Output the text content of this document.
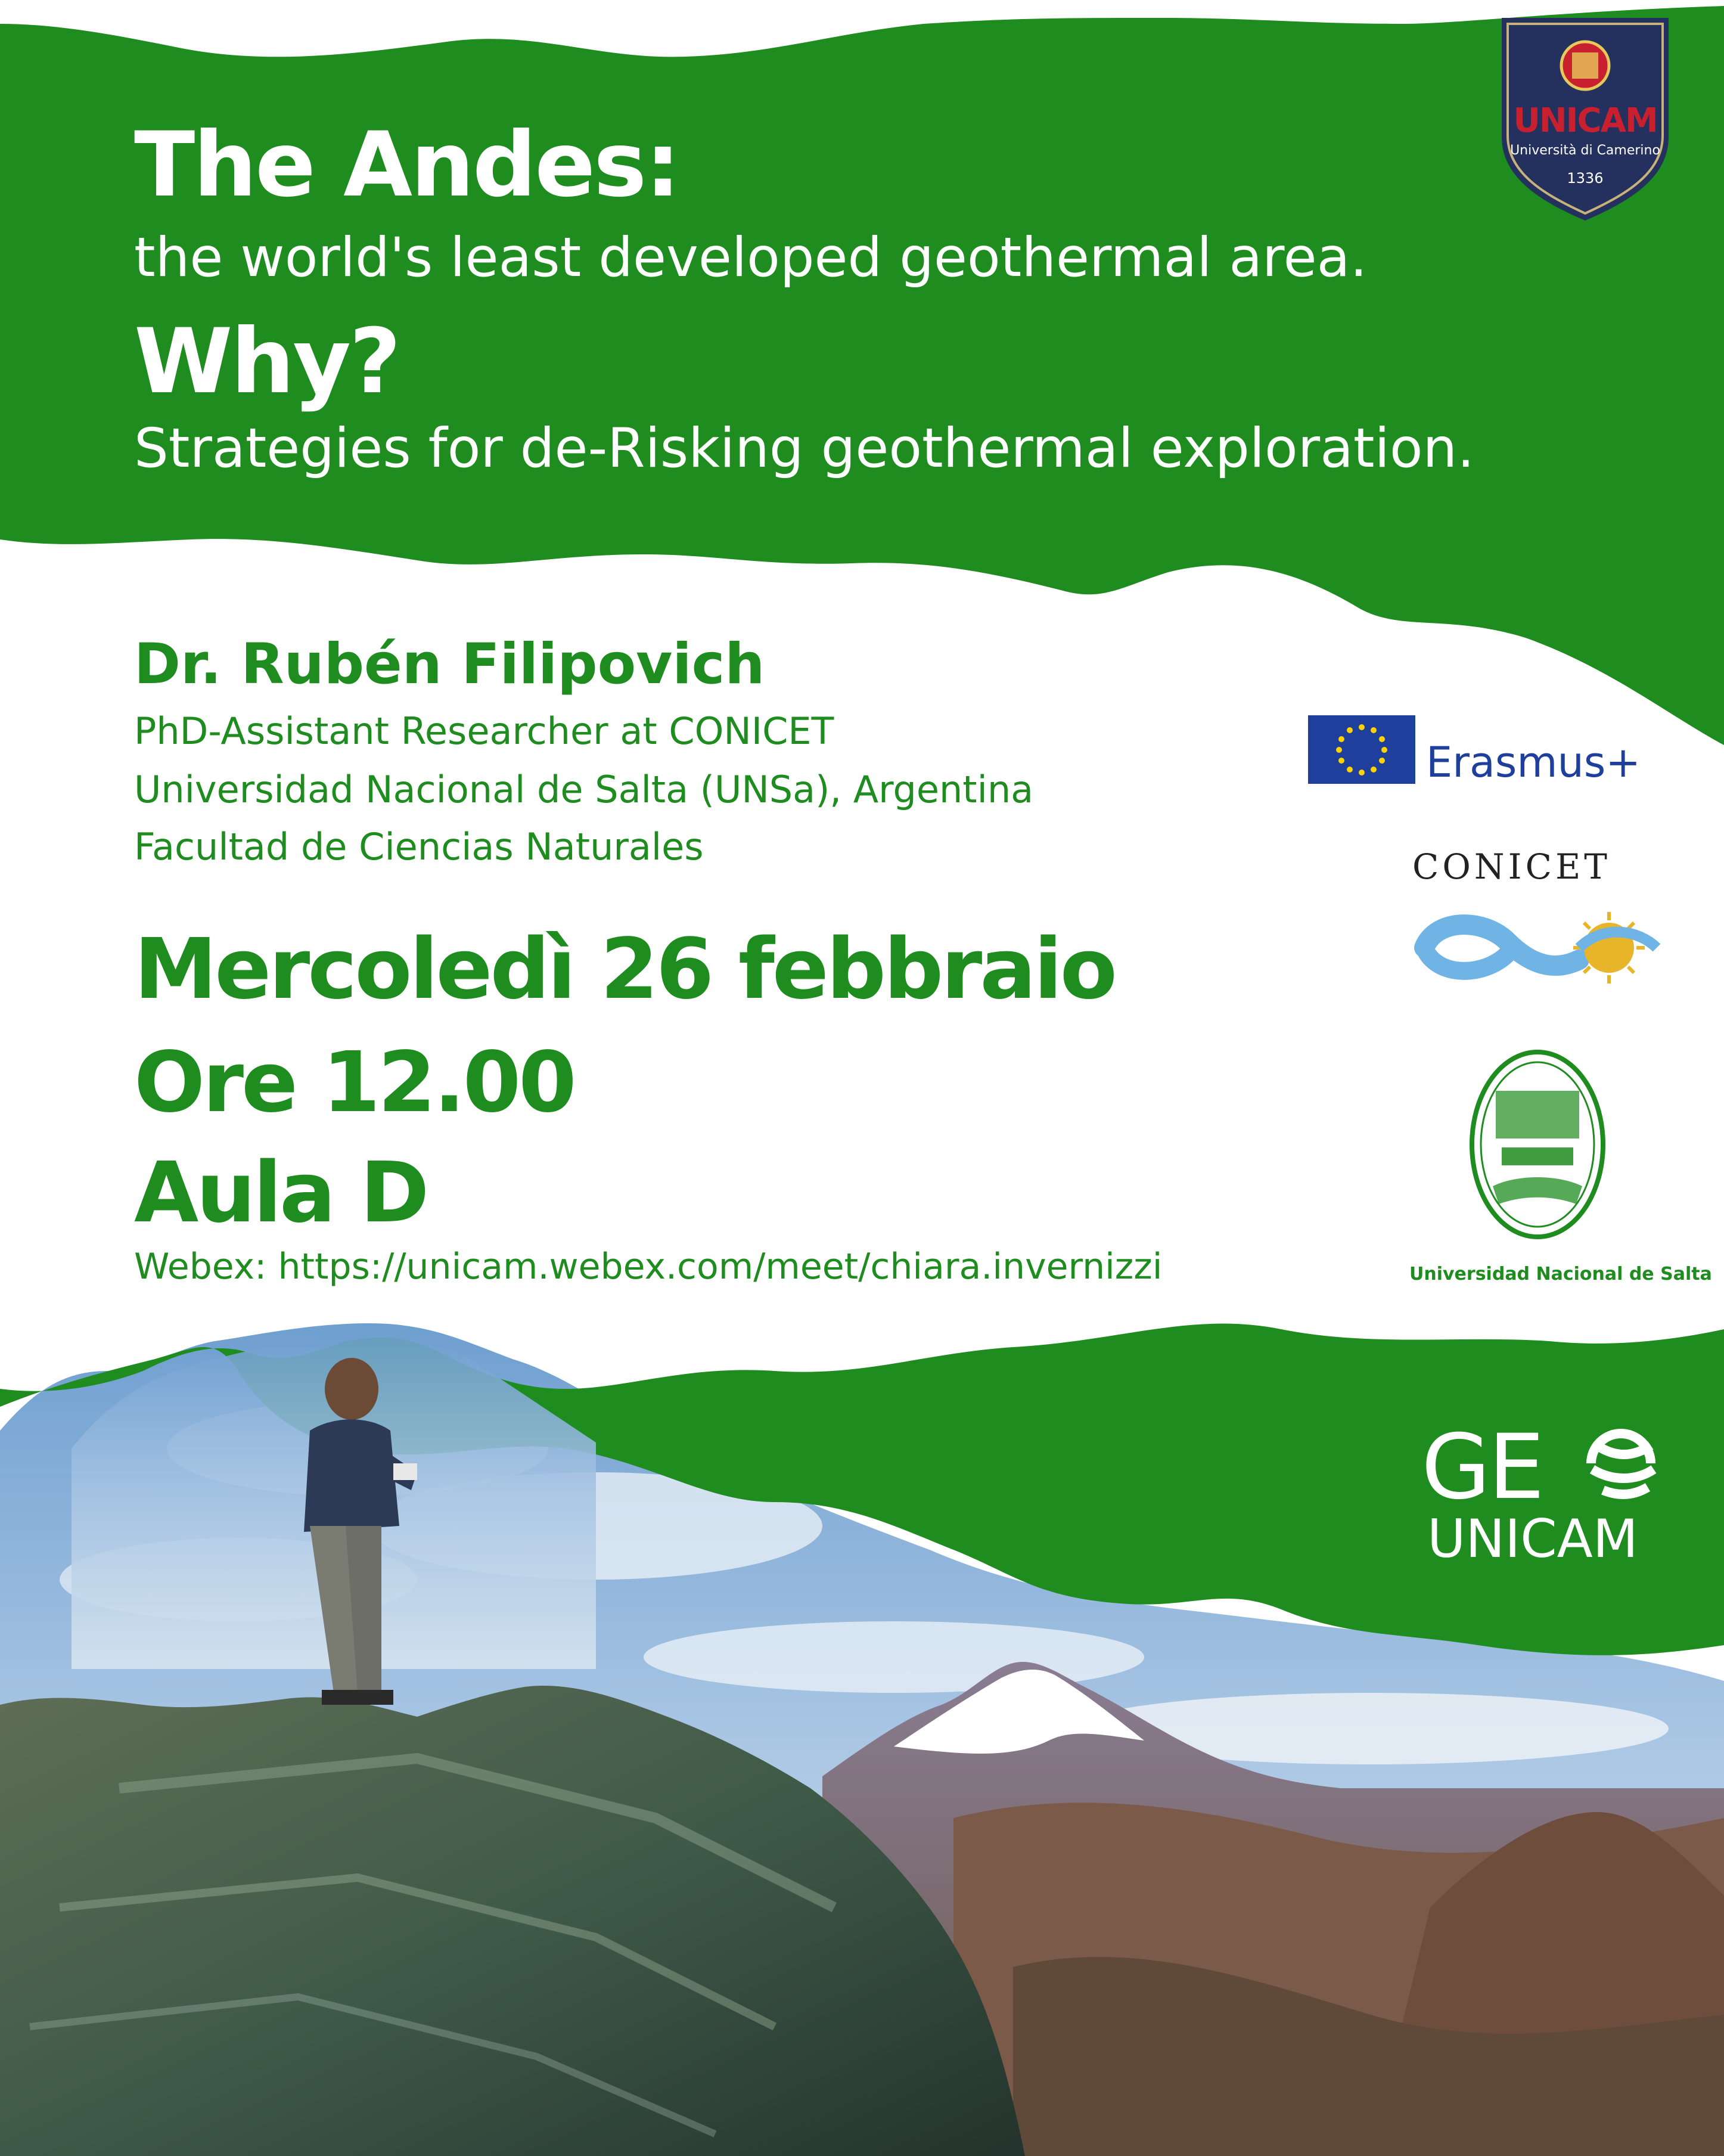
The Andes:
the world's least developed geothermal area.
Why?
Strategies for de-Risking geothermal exploration.
UNICAM
Università di Camerino
1336
Dr. Rubén Filipovich
PhD-Assistant Researcher at CONICET
Universidad Nacional de Salta (UNSa), Argentina
Facultad de Ciencias Naturales
Mercoledì 26 febbraio
Ore 12.00
Aula D
Webex: https://unicam.webex.com/meet/chiara.invernizzi
Erasmus+
CONICET
Universidad Nacional de Salta
GE
UNICAM
